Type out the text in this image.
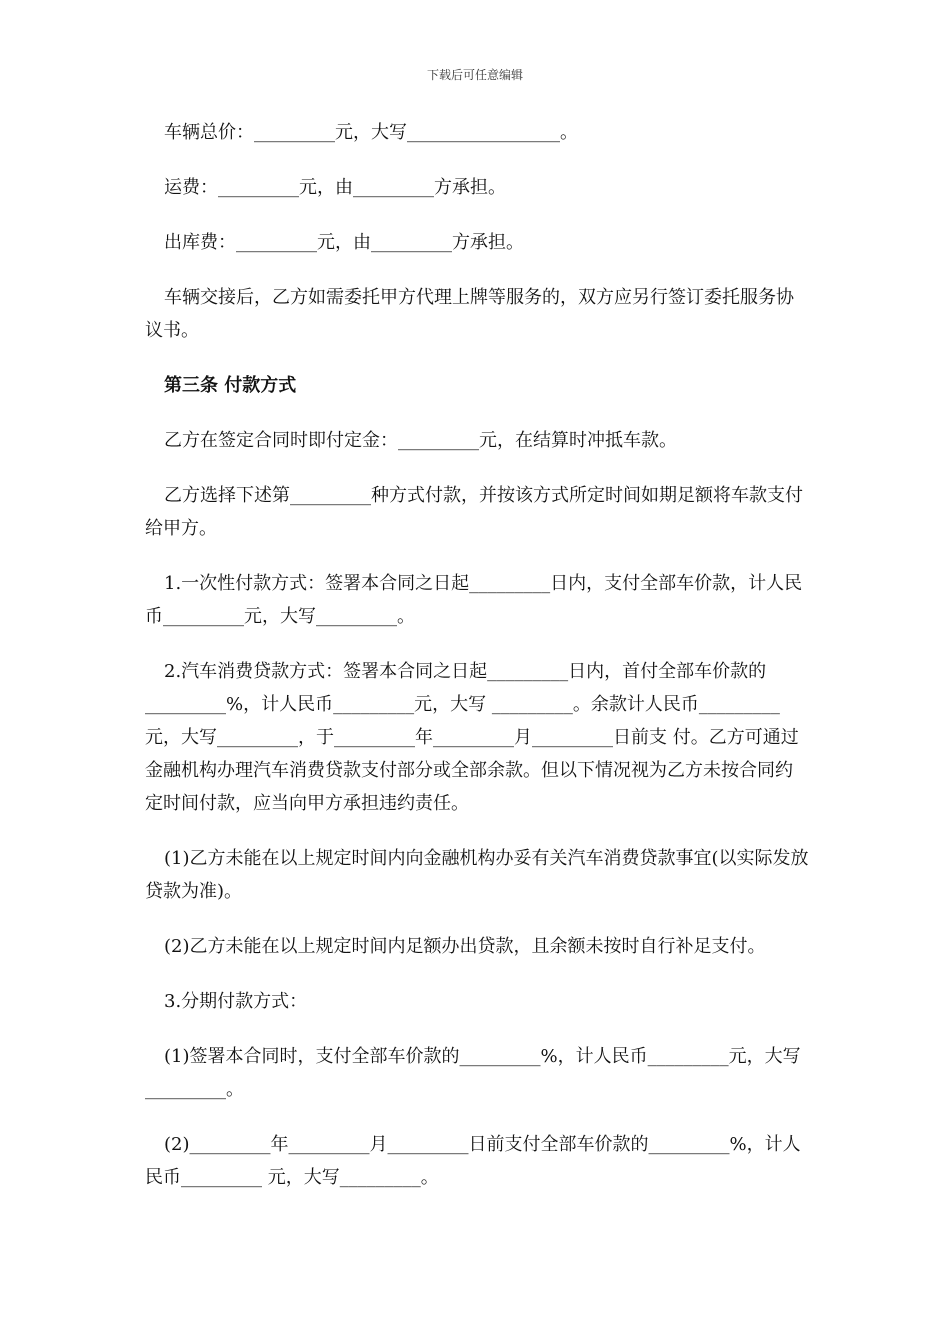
下载后可任意编辑

车辆总价：_________元，大写_________________。

运费：_________元，由_________方承担。

出库费：_________元，由_________方承担。

车辆交接后，乙方如需委托甲方代理上牌等服务的，双方应另行签订委托服务协议书。

第三条 付款方式

乙方在签定合同时即付定金：_________元，在结算时冲抵车款。

乙方选择下述第_________种方式付款，并按该方式所定时间如期足额将车款支付给甲方。

1.一次性付款方式：签署本合同之日起_________日内，支付全部车价款，计人民币_________元，大写_________。

2.汽车消费贷款方式：签署本合同之日起_________日内，首付全部车价款的_________%，计人民币_________元，大写 _________。余款计人民币_________元，大写_________，于_________年_________月_________日前支 付。乙方可通过金融机构办理汽车消费贷款支付部分或全部余款。但以下情况视为乙方未按合同约定时间付款，应当向甲方承担违约责任。

(1)乙方未能在以上规定时间内向金融机构办妥有关汽车消费贷款事宜(以实际发放贷款为准)。

(2)乙方未能在以上规定时间内足额办出贷款，且余额未按时自行补足支付。

3.分期付款方式：

(1)签署本合同时，支付全部车价款的_________%，计人民币_________元，大写_________。

(2)_________年_________月_________日前支付全部车价款的_________%，计人民币_________ 元，大写_________。
